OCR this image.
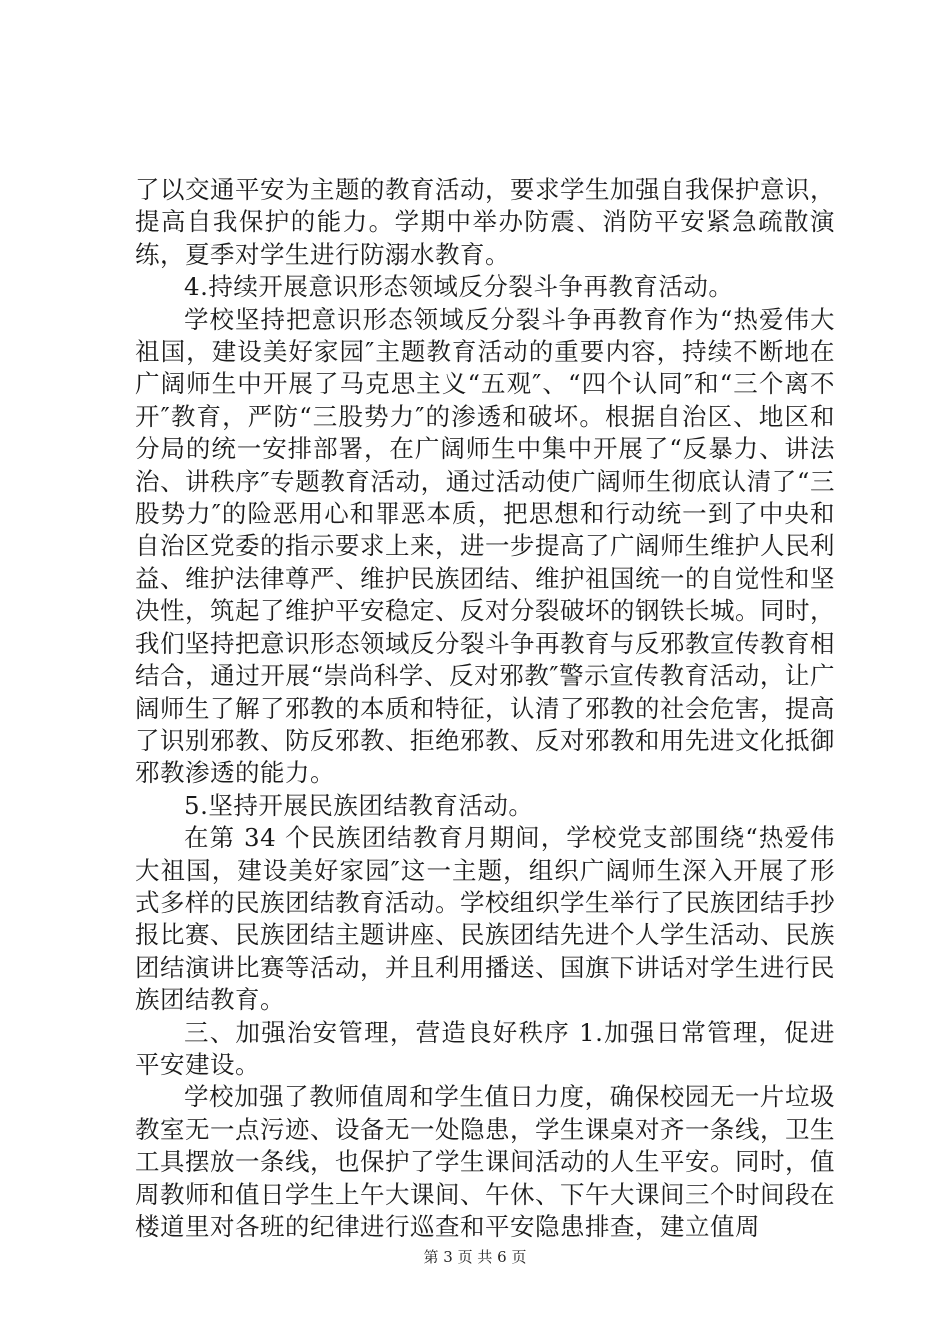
了以交通平安为主题的教育活动，要求学生加强自我保护意识，提高自我保护的能力。学期中举办防震、消防平安紧急疏散演练，夏季对学生进行防溺水教育。

4.持续开展意识形态领域反分裂斗争再教育活动。

学校坚持把意识形态领域反分裂斗争再教育作为“热爱伟大祖国，建设美好家园″主题教育活动的重要内容，持续不断地在广阔师生中开展了马克思主义“五观″、“四个认同″和“三个离不开″教育，严防“三股势力″的渗透和破坏。根据自治区、地区和分局的统一安排部署，在广阔师生中集中开展了“反暴力、讲法治、讲秩序″专题教育活动，通过活动使广阔师生彻底认清了“三股势力″的险恶用心和罪恶本质，把思想和行动统一到了中央和自治区党委的指示要求上来，进一步提高了广阔师生维护人民利益、维护法律尊严、维护民族团结、维护祖国统一的自觉性和坚决性，筑起了维护平安稳定、反对分裂破坏的钢铁长城。同时，我们坚持把意识形态领域反分裂斗争再教育与反邪教宣传教育相结合，通过开展“崇尚科学、反对邪教″警示宣传教育活动，让广阔师生了解了邪教的本质和特征，认清了邪教的社会危害，提高了识别邪教、防反邪教、拒绝邪教、反对邪教和用先进文化抵御邪教渗透的能力。

5.坚持开展民族团结教育活动。

在第 34 个民族团结教育月期间，学校党支部围绕“热爱伟大祖国，建设美好家园″这一主题，组织广阔师生深入开展了形式多样的民族团结教育活动。学校组织学生举行了民族团结手抄报比赛、民族团结主题讲座、民族团结先进个人学生活动、民族团结演讲比赛等活动，并且利用播送、国旗下讲话对学生进行民族团结教育。

三、加强治安管理，营造良好秩序 1.加强日常管理，促进平安建设。

学校加强了教师值周和学生值日力度，确保校园无一片垃圾教室无一点污迹、设备无一处隐患，学生课桌对齐一条线，卫生工具摆放一条线，也保护了学生课间活动的人生平安。同时，值周教师和值日学生上午大课间、午休、下午大课间三个时间段在楼道里对各班的纪律进行巡查和平安隐患排查，建立值周

第 3 页 共 6 页
